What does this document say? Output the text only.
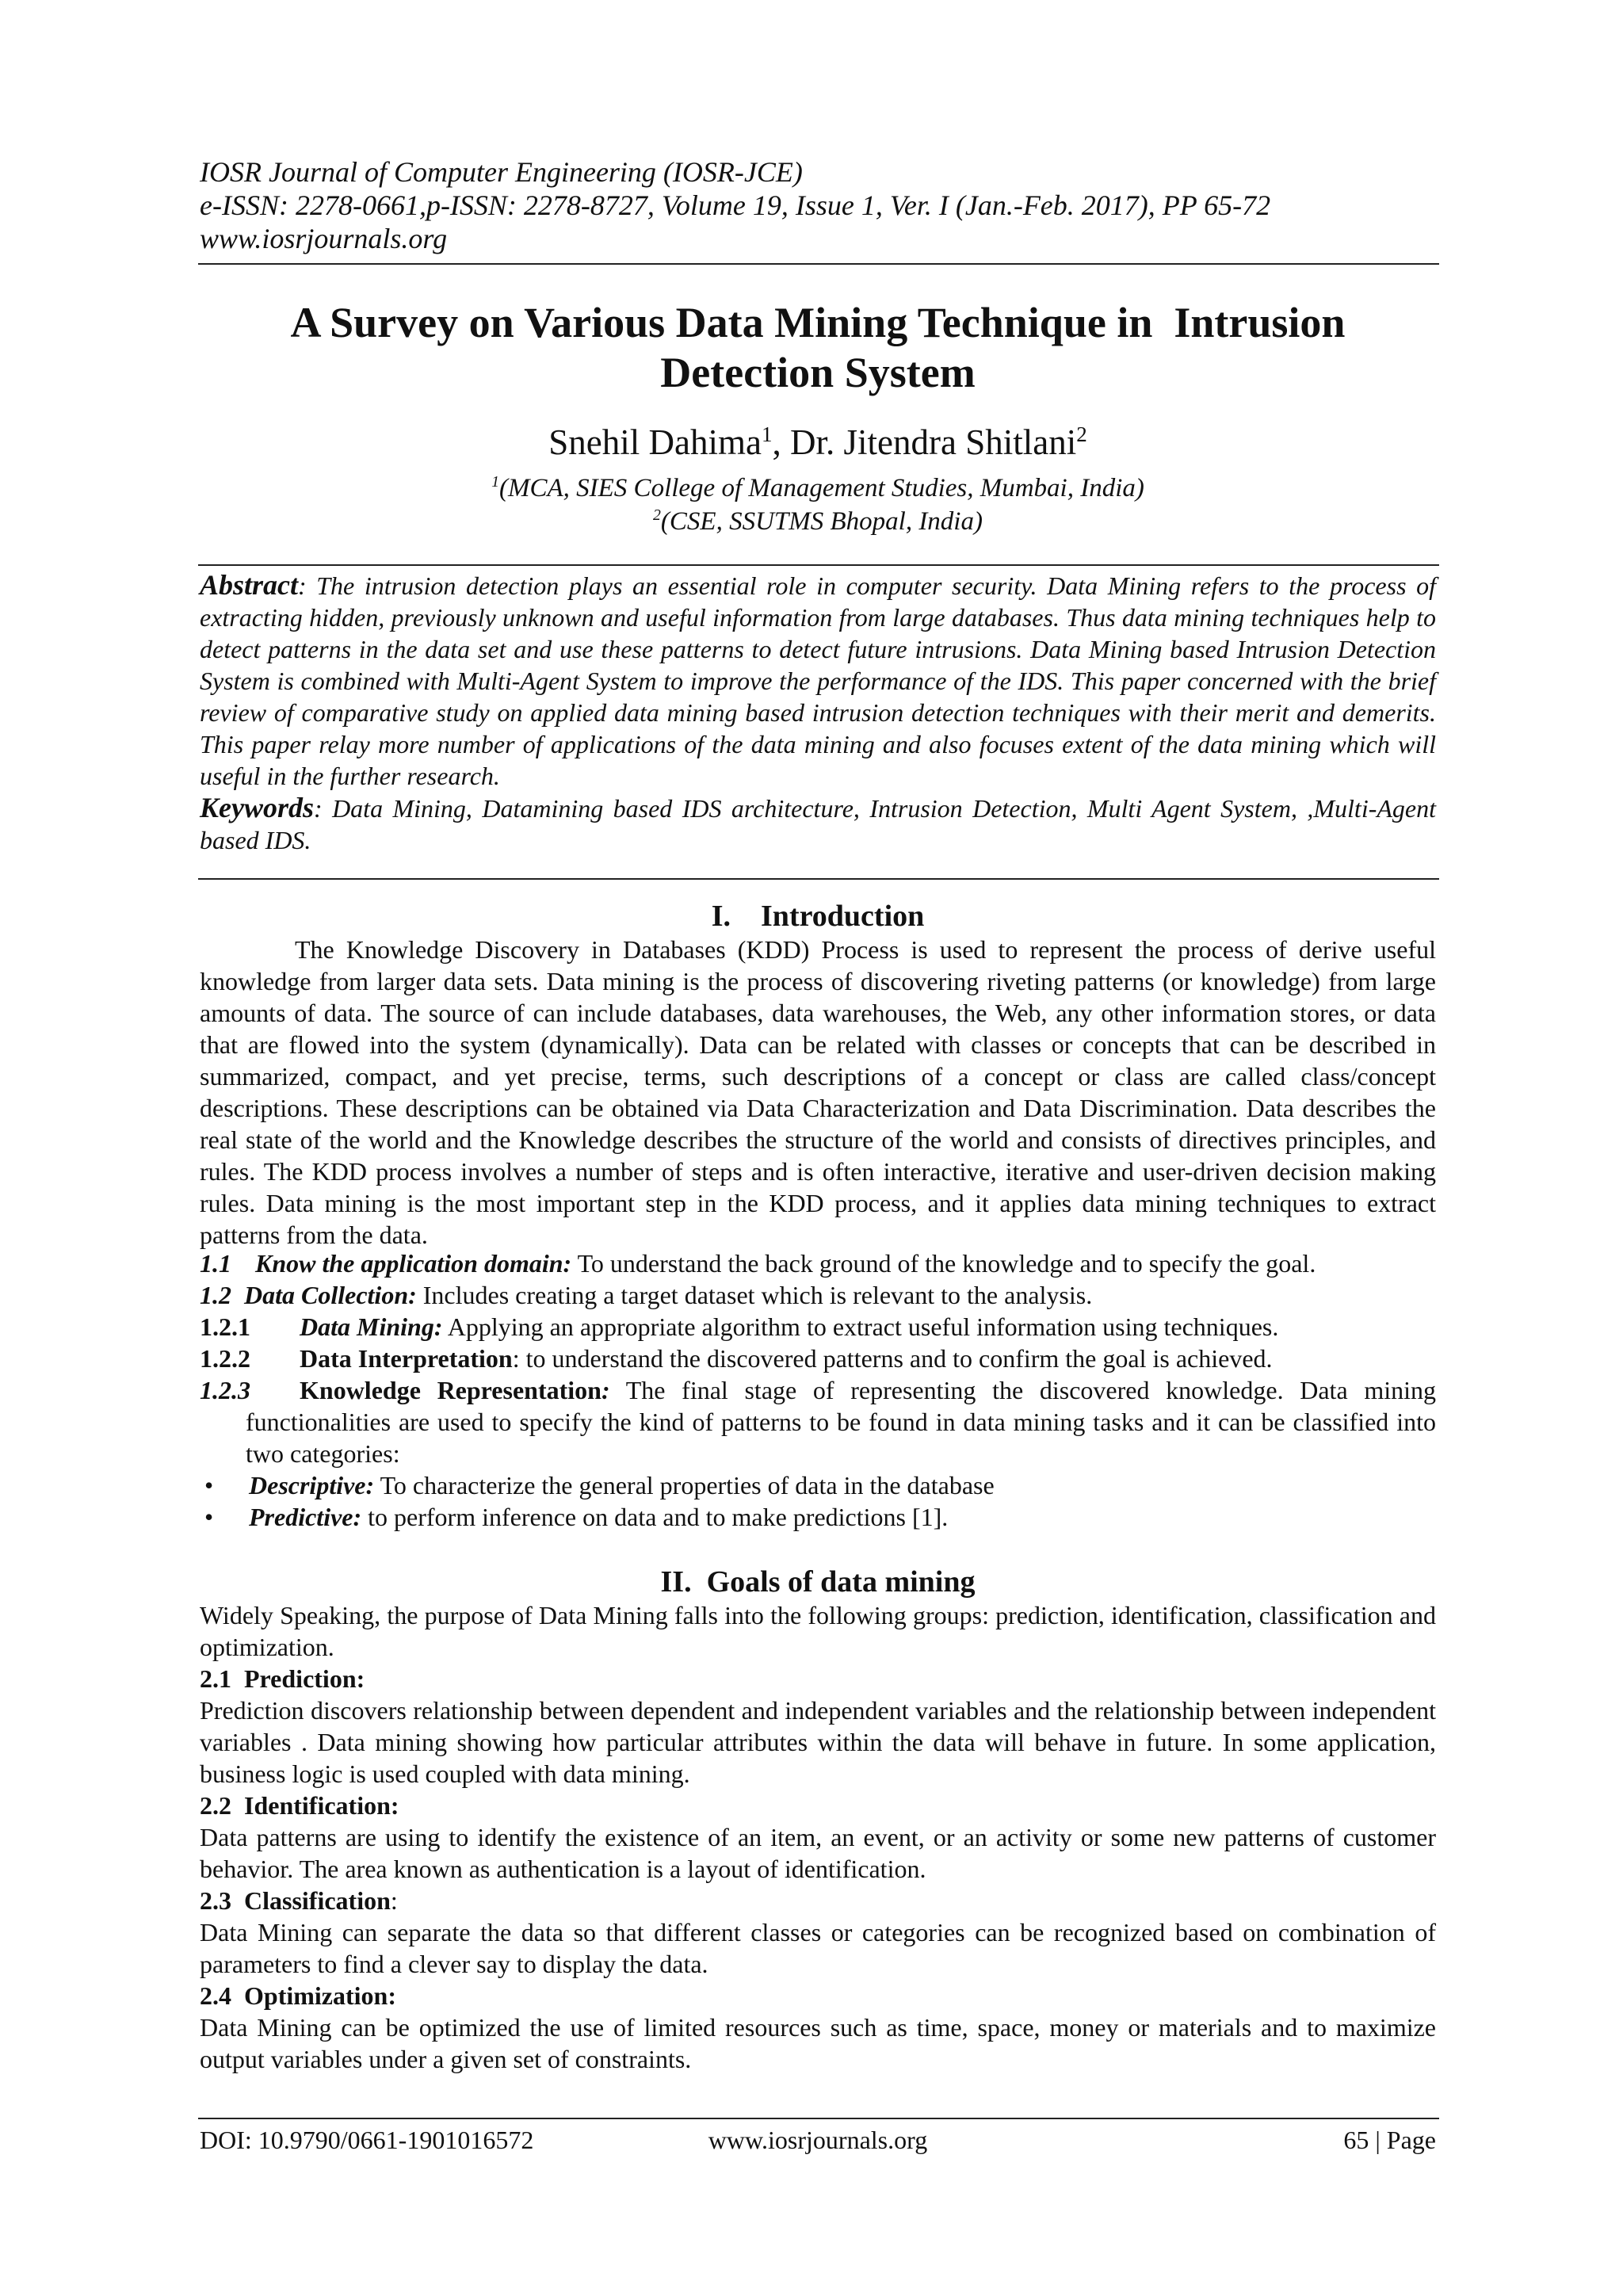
IOSR Journal of Computer Engineering (IOSR-JCE)
e-ISSN: 2278-0661,p-ISSN: 2278-8727, Volume 19, Issue 1, Ver. I (Jan.-Feb. 2017), PP 65-72
www.iosrjournals.org
A Survey on Various Data Mining Technique in  Intrusion
Detection System
Snehil Dahima$^1$, Dr. Jitendra Shitlani$^2$
$^1$(MCA, SIES College of Management Studies, Mumbai, India)
$^2$(CSE, SSUTMS Bhopal, India)
Abstract: The intrusion detection plays an essential role in computer security. Data Mining refers to the process of extracting hidden, previously unknown and useful information from large databases. Thus data mining techniques help to detect patterns in the data set and use these patterns to detect future intrusions. Data Mining based Intrusion Detection System is combined with Multi-Agent System to improve the performance of the IDS. This paper concerned with the brief review of comparative study on applied data mining based intrusion detection techniques with their merit and demerits. This paper relay more number of applications of the data mining and also focuses extent of the data mining which will useful in the further research.
Keywords: Data Mining, Datamining based IDS architecture, Intrusion Detection, Multi Agent System, ,Multi-Agent based IDS.
I.    Introduction
The Knowledge Discovery in Databases (KDD) Process is used to represent the process of derive useful knowledge from larger data sets. Data mining is the process of discovering riveting patterns (or knowledge) from large amounts of data. The source of can include databases, data warehouses, the Web, any other information stores, or data that are flowed into the system (dynamically). Data can be related with classes or concepts that can be described in summarized, compact, and yet precise, terms, such descriptions of a concept or class are called class/concept descriptions. These descriptions can be obtained via Data Characterization and Data Discrimination. Data describes the real state of the world and the Knowledge describes the structure of the world and consists of directives principles, and rules. The KDD process involves a number of steps and is often interactive, iterative and user-driven decision making rules. Data mining is the most important step in the KDD process, and it applies data mining techniques to extract patterns from the data.
1.1 Know the application domain: To understand the back ground of the knowledge and to specify the goal.
1.2 Data Collection: Includes creating a target dataset which is relevant to the analysis.
1.2.1 Data Mining: Applying an appropriate algorithm to extract useful information using techniques.
1.2.2 Data Interpretation: to understand the discovered patterns and to confirm the goal is achieved.
1.2.3 Knowledge Representation: The final stage of representing the discovered knowledge. Data mining functionalities are used to specify the kind of patterns to be found in data mining tasks and it can be classified into two categories:
• Descriptive: To characterize the general properties of data in the database
• Predictive: to perform inference on data and to make predictions [1].
II.  Goals of data mining
Widely Speaking, the purpose of Data Mining falls into the following groups: prediction, identification, classification and optimization.
2.1  Prediction:
Prediction discovers relationship between dependent and independent variables and the relationship between independent variables . Data mining showing how particular attributes within the data will behave in future. In some application, business logic is used coupled with data mining.
2.2  Identification:
Data patterns are using to identify the existence of an item, an event, or an activity or some new patterns of customer behavior. The area known as authentication is a layout of identification.
2.3  Classification:
Data Mining can separate the data so that different classes or categories can be recognized based on combination of parameters to find a clever say to display the data.
2.4  Optimization:
Data Mining can be optimized the use of limited resources such as time, space, money or materials and to maximize output variables under a given set of constraints.
DOI: 10.9790/0661-1901016572	www.iosrjournals.org	65 | Page
